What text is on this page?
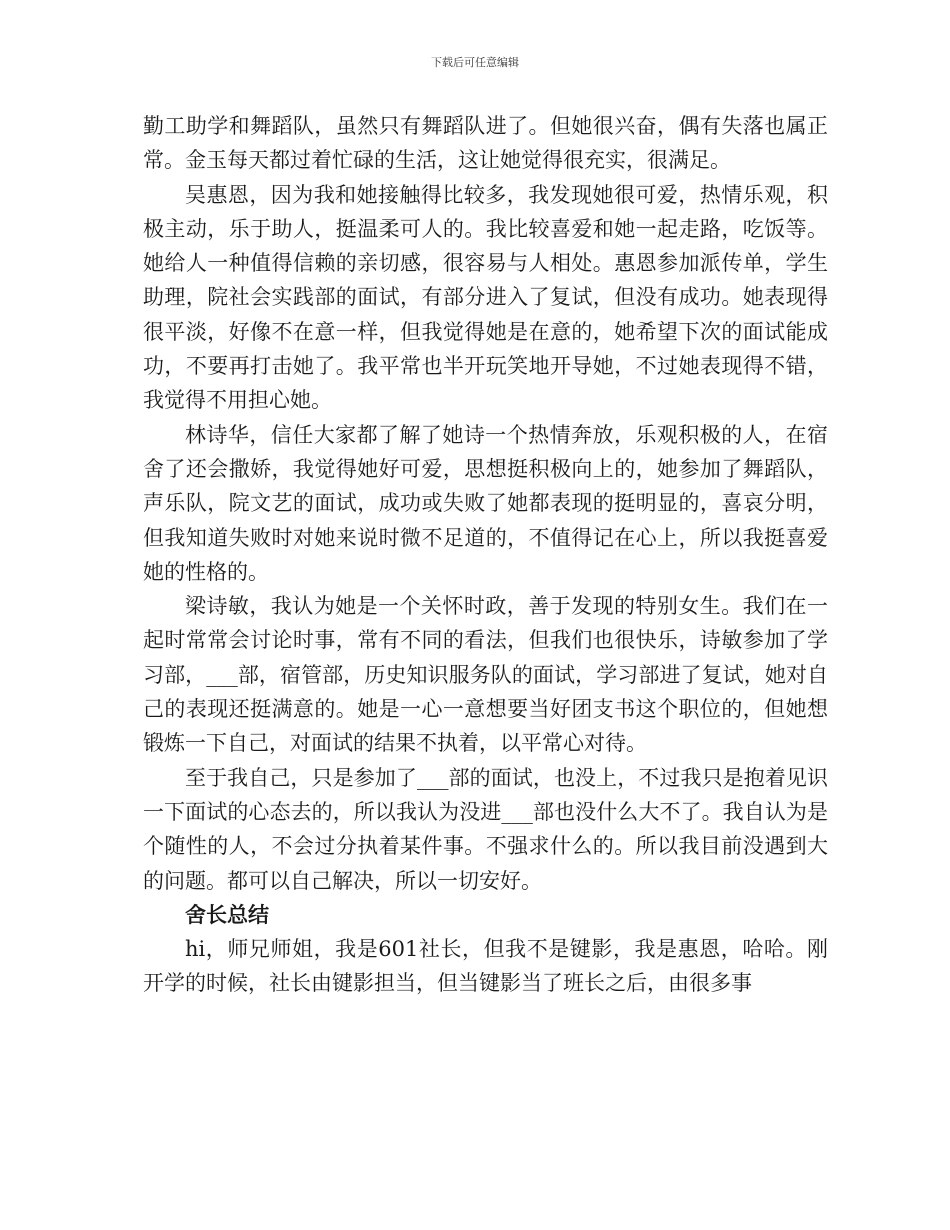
下载后可任意编辑

勤工助学和舞蹈队，虽然只有舞蹈队进了。但她很兴奋，偶有失落也属正常。金玉每天都过着忙碌的生活，这让她觉得很充实，很满足。

吴惠恩，因为我和她接触得比较多，我发现她很可爱，热情乐观，积极主动，乐于助人，挺温柔可人的。我比较喜爱和她一起走路，吃饭等。她给人一种值得信赖的亲切感，很容易与人相处。惠恩参加派传单，学生助理，院社会实践部的面试，有部分进入了复试，但没有成功。她表现得很平淡，好像不在意一样，但我觉得她是在意的，她希望下次的面试能成功，不要再打击她了。我平常也半开玩笑地开导她，不过她表现得不错，我觉得不用担心她。

林诗华，信任大家都了解了她诗一个热情奔放，乐观积极的人，在宿舍了还会撒娇，我觉得她好可爱，思想挺积极向上的，她参加了舞蹈队，声乐队，院文艺的面试，成功或失败了她都表现的挺明显的，喜哀分明，但我知道失败时对她来说时微不足道的，不值得记在心上，所以我挺喜爱她的性格的。

梁诗敏，我认为她是一个关怀时政，善于发现的特别女生。我们在一起时常常会讨论时事，常有不同的看法，但我们也很快乐，诗敏参加了学习部，___部，宿管部，历史知识服务队的面试，学习部进了复试，她对自己的表现还挺满意的。她是一心一意想要当好团支书这个职位的，但她想锻炼一下自己，对面试的结果不执着，以平常心对待。

至于我自己，只是参加了___部的面试，也没上，不过我只是抱着见识一下面试的心态去的，所以我认为没进___部也没什么大不了。我自认为是个随性的人，不会过分执着某件事。不强求什么的。所以我目前没遇到大的问题。都可以自己解决，所以一切安好。

舍长总结

hi，师兄师姐，我是601社长，但我不是键影，我是惠恩，哈哈。刚开学的时候，社长由键影担当，但当键影当了班长之后，由很多事
